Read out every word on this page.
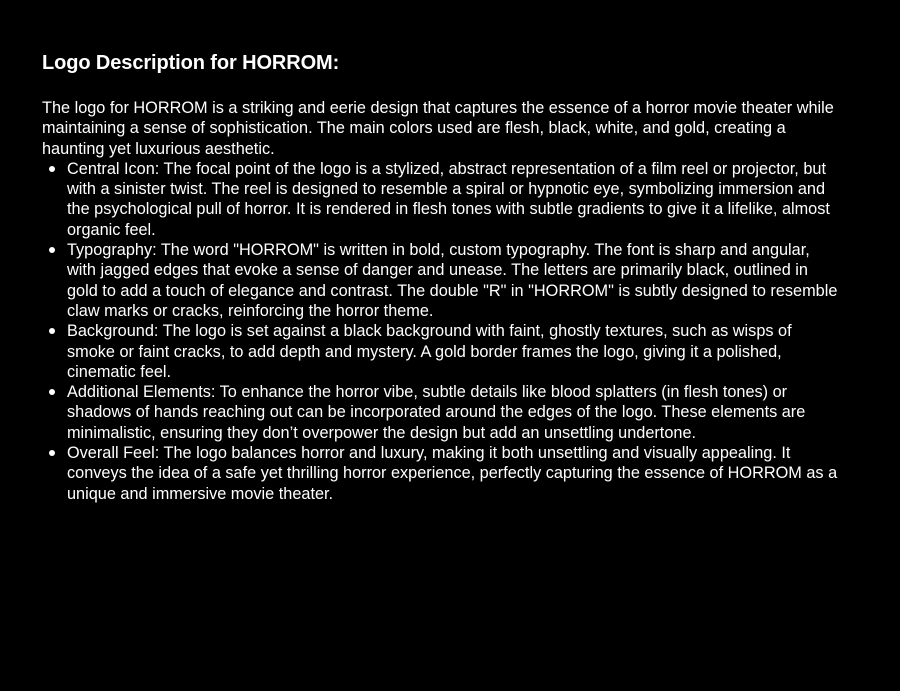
Logo Description for HORROM:

The logo for HORROM is a striking and eerie design that captures the essence of a horror movie theater while maintaining a sense of sophistication. The main colors used are flesh, black, white, and gold, creating a haunting yet luxurious aesthetic.

Central Icon: The focal point of the logo is a stylized, abstract representation of a film reel or projector, but with a sinister twist. The reel is designed to resemble a spiral or hypnotic eye, symbolizing immersion and the psychological pull of horror. It is rendered in flesh tones with subtle gradients to give it a lifelike, almost organic feel.
Typography: The word "HORROM" is written in bold, custom typography. The font is sharp and angular, with jagged edges that evoke a sense of danger and unease. The letters are primarily black, outlined in gold to add a touch of elegance and contrast. The double "R" in "HORROM" is subtly designed to resemble claw marks or cracks, reinforcing the horror theme.
Background: The logo is set against a black background with faint, ghostly textures, such as wisps of smoke or faint cracks, to add depth and mystery. A gold border frames the logo, giving it a polished, cinematic feel.
Additional Elements: To enhance the horror vibe, subtle details like blood splatters (in flesh tones) or shadows of hands reaching out can be incorporated around the edges of the logo. These elements are minimalistic, ensuring they don’t overpower the design but add an unsettling undertone.
Overall Feel: The logo balances horror and luxury, making it both unsettling and visually appealing. It conveys the idea of a safe yet thrilling horror experience, perfectly capturing the essence of HORROM as a unique and immersive movie theater.
